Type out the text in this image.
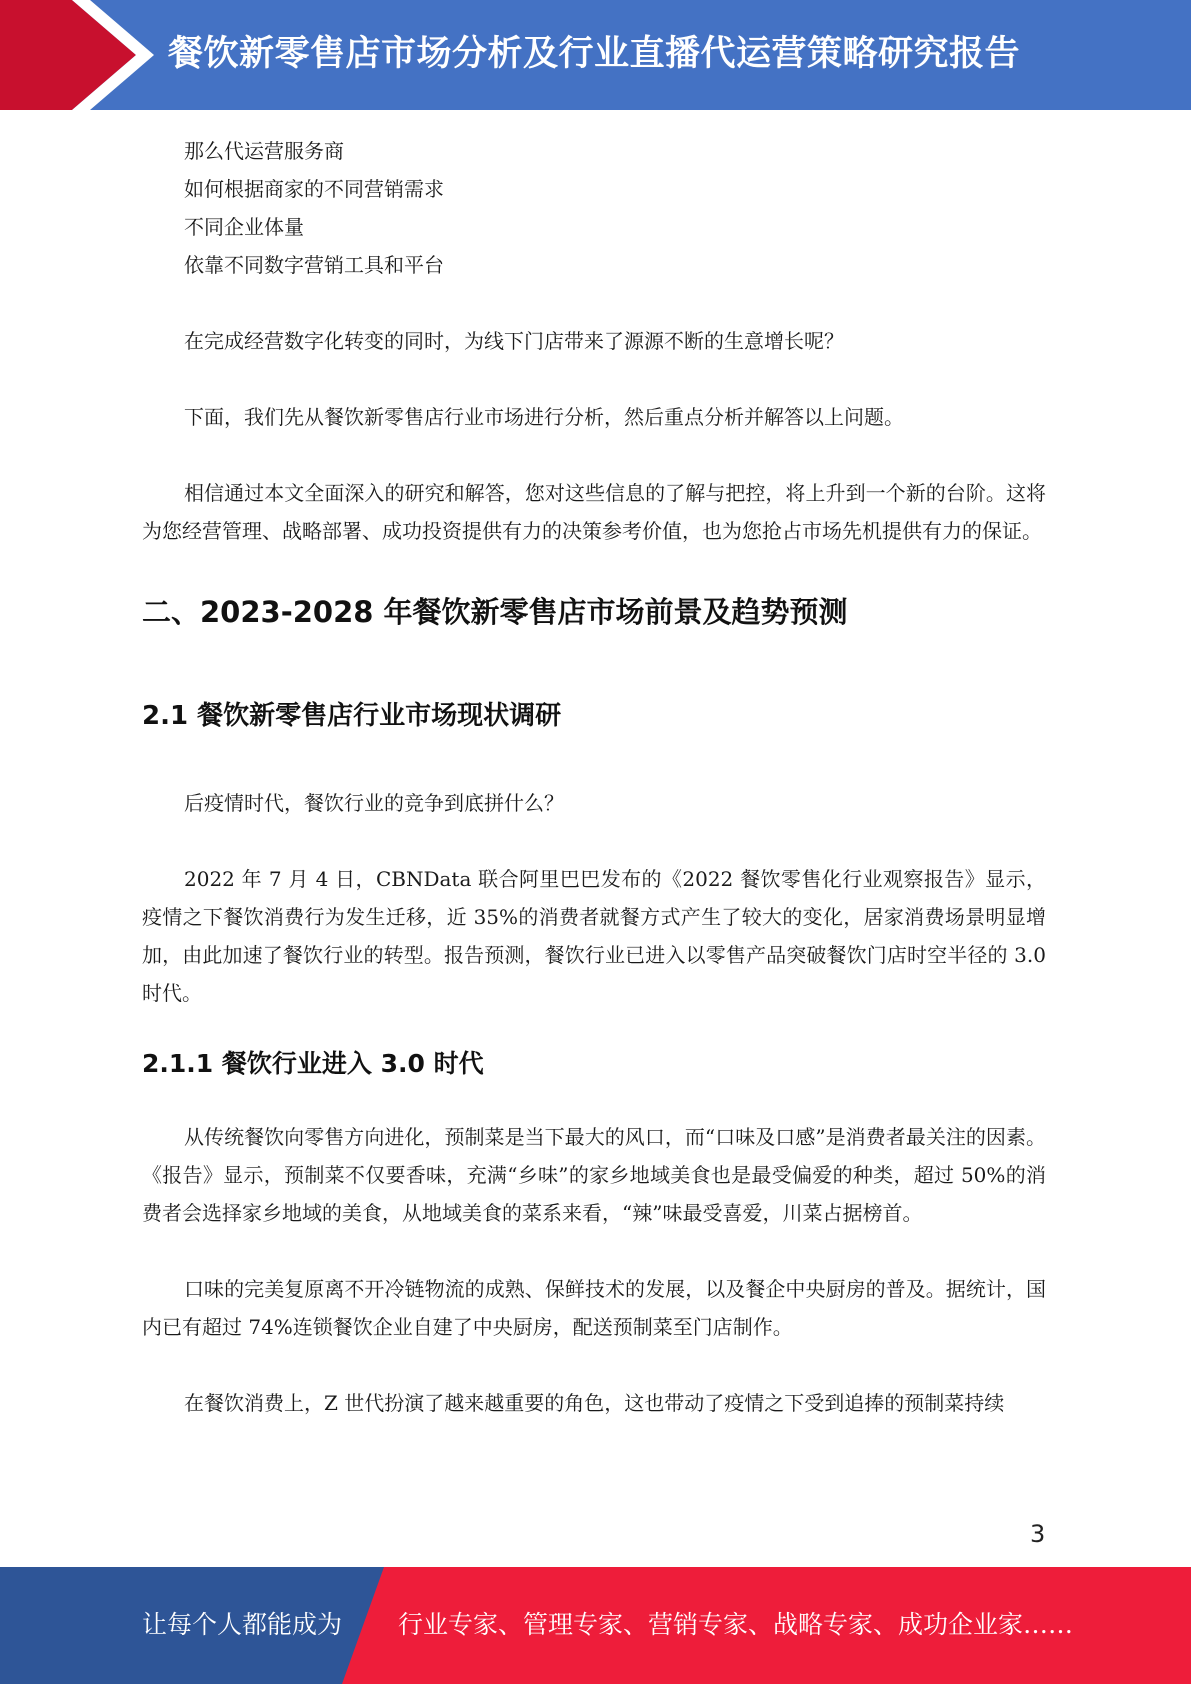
餐饮新零售店市场分析及行业直播代运营策略研究报告

那么代运营服务商

如何根据商家的不同营销需求

不同企业体量

依靠不同数字营销工具和平台

在完成经营数字化转变的同时，为线下门店带来了源源不断的生意增长呢？

下面，我们先从餐饮新零售店行业市场进行分析，然后重点分析并解答以上问题。

相信通过本文全面深入的研究和解答，您对这些信息的了解与把控，将上升到一个新的台阶。这将为您经营管理、战略部署、成功投资提供有力的决策参考价值，也为您抢占市场先机提供有力的保证。

二、2023-2028 年餐饮新零售店市场前景及趋势预测
2.1 餐饮新零售店行业市场现状调研

后疫情时代，餐饮行业的竞争到底拼什么？

2022 年 7 月 4 日，CBNData 联合阿里巴巴发布的《2022 餐饮零售化行业观察报告》显示，疫情之下餐饮消费行为发生迁移，近 35%的消费者就餐方式产生了较大的变化，居家消费场景明显增加，由此加速了餐饮行业的转型。报告预测，餐饮行业已进入以零售产品突破餐饮门店时空半径的 3.0 时代。

2.1.1 餐饮行业进入 3.0 时代

从传统餐饮向零售方向进化，预制菜是当下最大的风口，而“口味及口感”是消费者最关注的因素。《报告》显示，预制菜不仅要香味，充满“乡味”的家乡地域美食也是最受偏爱的种类，超过 50%的消费者会选择家乡地域的美食，从地域美食的菜系来看，“辣”味最受喜爱，川菜占据榜首。

口味的完美复原离不开冷链物流的成熟、保鲜技术的发展，以及餐企中央厨房的普及。据统计，国内已有超过 74%连锁餐饮企业自建了中央厨房，配送预制菜至门店制作。

在餐饮消费上，Z 世代扮演了越来越重要的角色，这也带动了疫情之下受到追捧的预制菜持续

3
让每个人都能成为 行业专家、管理专家、营销专家、战略专家、成功企业家……
